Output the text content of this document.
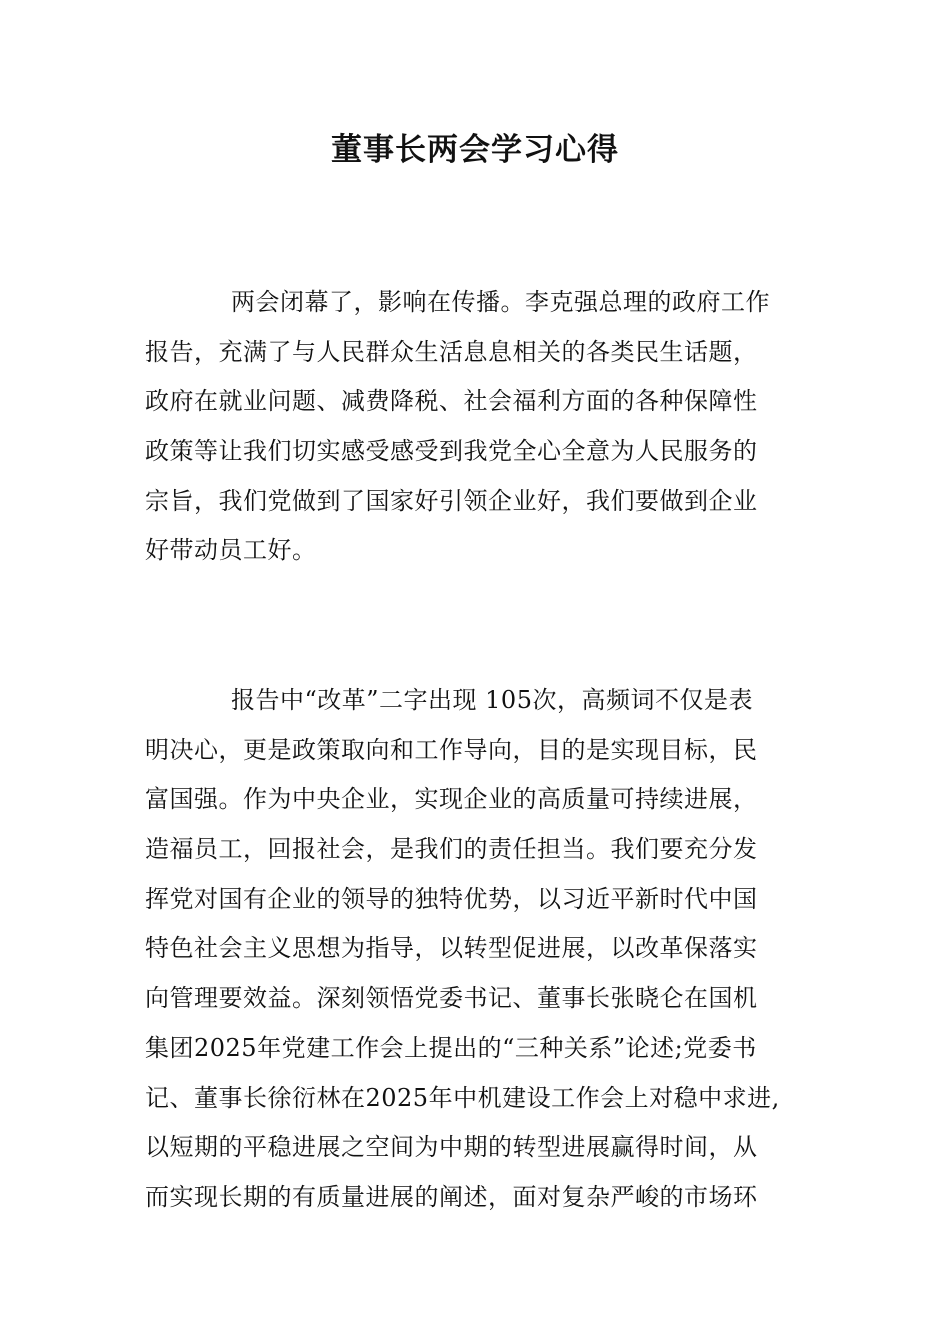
董事长两会学习心得
两会闭幕了，影响在传播。李克强总理的政府工作
报告，充满了与人民群众生活息息相关的各类民生话题，
政府在就业问题、减费降税、社会福利方面的各种保障性
政策等让我们切实感受感受到我党全心全意为人民服务的
宗旨，我们党做到了国家好引领企业好，我们要做到企业
好带动员工好。
报告中“改革”二字出现 105次，高频词不仅是表
明决心，更是政策取向和工作导向，目的是实现目标，民
富国强。作为中央企业，实现企业的高质量可持续进展，
造福员工，回报社会，是我们的责任担当。我们要充分发
挥党对国有企业的领导的独特优势，以习近平新时代中国
特色社会主义思想为指导，以转型促进展，以改革保落实
向管理要效益。深刻领悟党委书记、董事长张晓仑在国机
集团2025年党建工作会上提出的“三种关系”论述;党委书
记、董事长徐衍林在2025年中机建设工作会上对稳中求进,
以短期的平稳进展之空间为中期的转型进展赢得时间，从
而实现长期的有质量进展的阐述，面对复杂严峻的市场环
